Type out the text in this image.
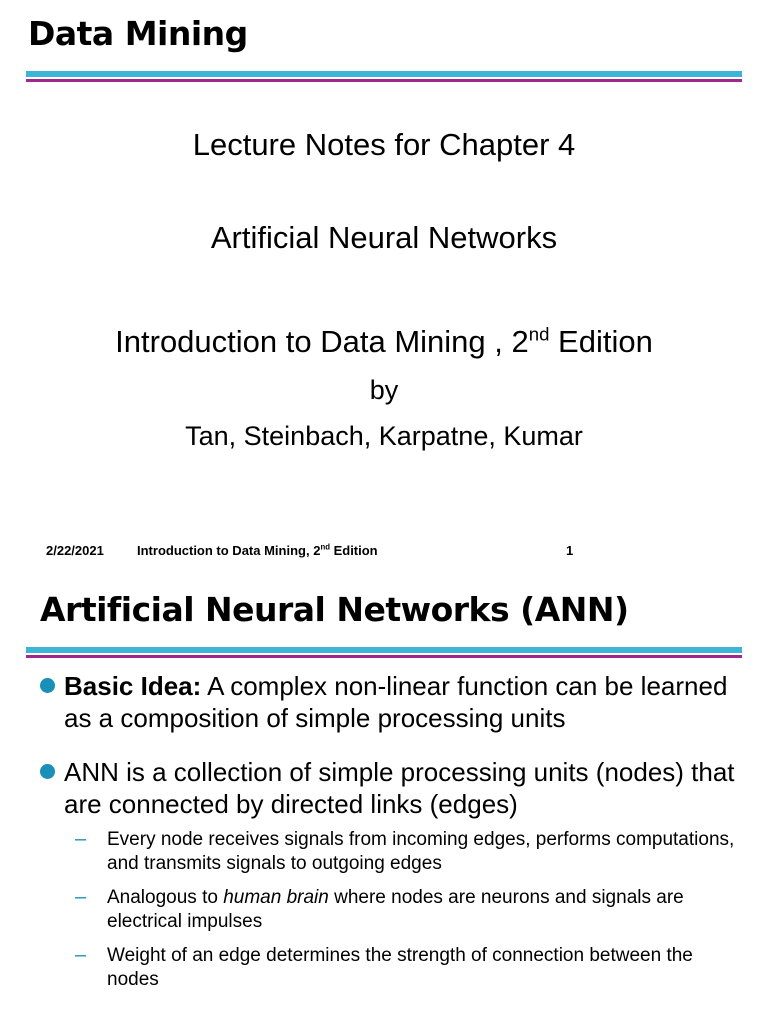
Data Mining

Lecture Notes for Chapter 4

Artificial Neural Networks

Introduction to Data Mining , 2nd Edition

by

Tan, Steinbach, Karpatne, Kumar

2/22/2021	Introduction to Data Mining, 2nd Edition	1
Artificial Neural Networks (ANN)
Basic Idea: A complex non-linear function can be learned as a composition of simple processing units
ANN is a collection of simple processing units (nodes) that are connected by directed links (edges)
– Every node receives signals from incoming edges, performs computations, and transmits signals to outgoing edges
– Analogous to human brain where nodes are neurons and signals are electrical impulses
– Weight of an edge determines the strength of connection between the nodes
